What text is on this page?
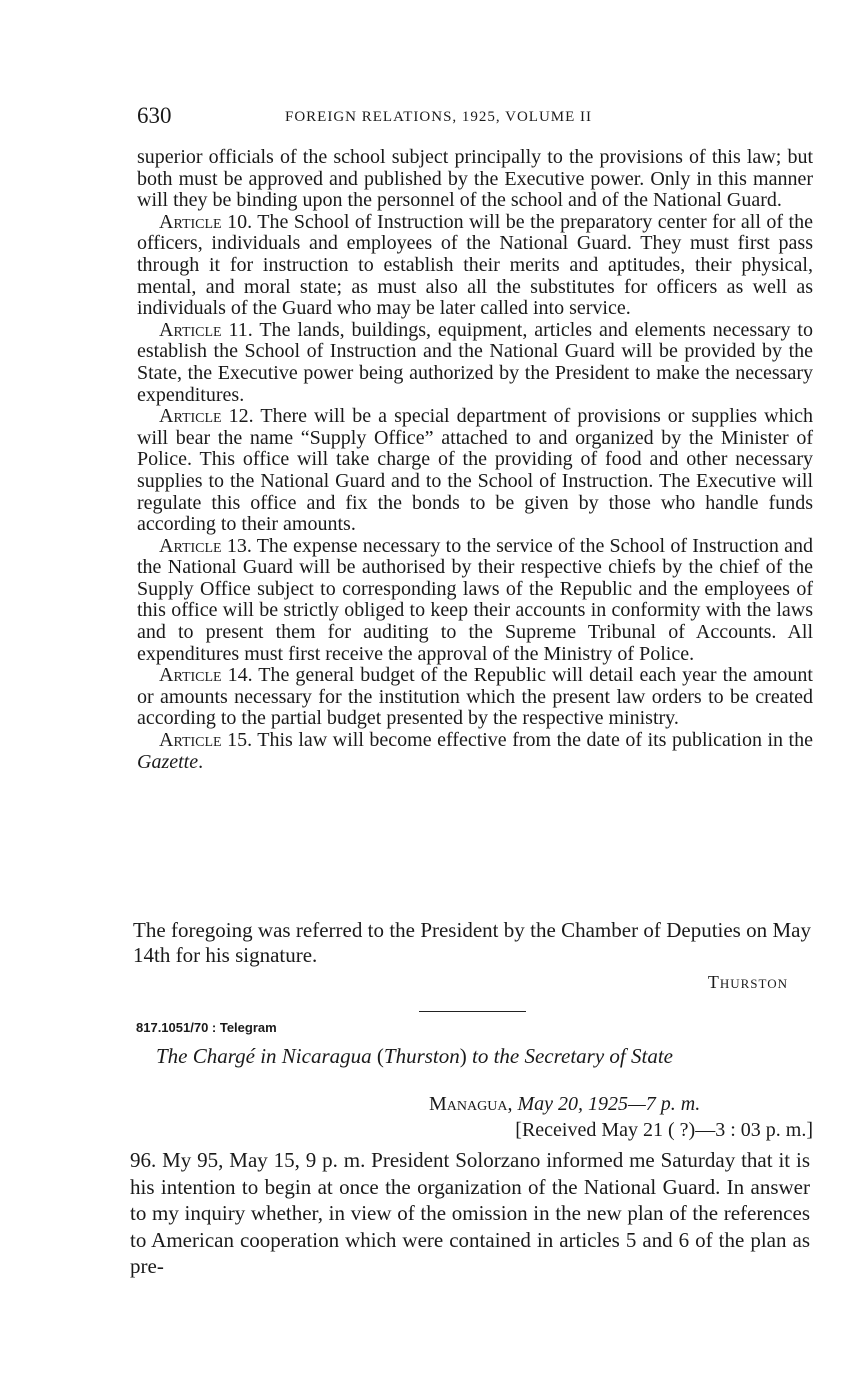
630	FOREIGN RELATIONS, 1925, VOLUME II

superior officials of the school subject principally to the provisions of this law; but both must be approved and published by the Executive power. Only in this manner will they be binding upon the personnel of the school and of the National Guard.

Article 10. The School of Instruction will be the preparatory center for all of the officers, individuals and employees of the National Guard. They must first pass through it for instruction to establish their merits and aptitudes, their physical, mental, and moral state; as must also all the substitutes for officers as well as individuals of the Guard who may be later called into service.

Article 11. The lands, buildings, equipment, articles and elements necessary to establish the School of Instruction and the National Guard will be provided by the State, the Executive power being authorized by the President to make the necessary expenditures.

Article 12. There will be a special department of provisions or supplies which will bear the name “Supply Office” attached to and organized by the Minister of Police. This office will take charge of the providing of food and other necessary supplies to the National Guard and to the School of Instruction. The Executive will regulate this office and fix the bonds to be given by those who handle funds according to their amounts.

Article 13. The expense necessary to the service of the School of Instruction and the National Guard will be authorised by their respective chiefs by the chief of the Supply Office subject to corresponding laws of the Republic and the employees of this office will be strictly obliged to keep their accounts in conformity with the laws and to present them for auditing to the Supreme Tribunal of Accounts. All expenditures must first receive the approval of the Ministry of Police.

Article 14. The general budget of the Republic will detail each year the amount or amounts necessary for the institution which the present law orders to be created according to the partial budget presented by the respective ministry.

Article 15. This law will become effective from the date of its publication in the Gazette.

The foregoing was referred to the President by the Chamber of Deputies on May 14th for his signature.

Thurston
817.1051/70 : Telegram
The Chargé in Nicaragua (Thurston) to the Secretary of State
Managua, May 20, 1925—7 p. m.
[Received May 21 ( ?)—3 : 03 p. m.]

96. My 95, May 15, 9 p. m. President Solorzano informed me Saturday that it is his intention to begin at once the organization of the National Guard. In answer to my inquiry whether, in view of the omission in the new plan of the references to American cooperation which were contained in articles 5 and 6 of the plan as pre-
